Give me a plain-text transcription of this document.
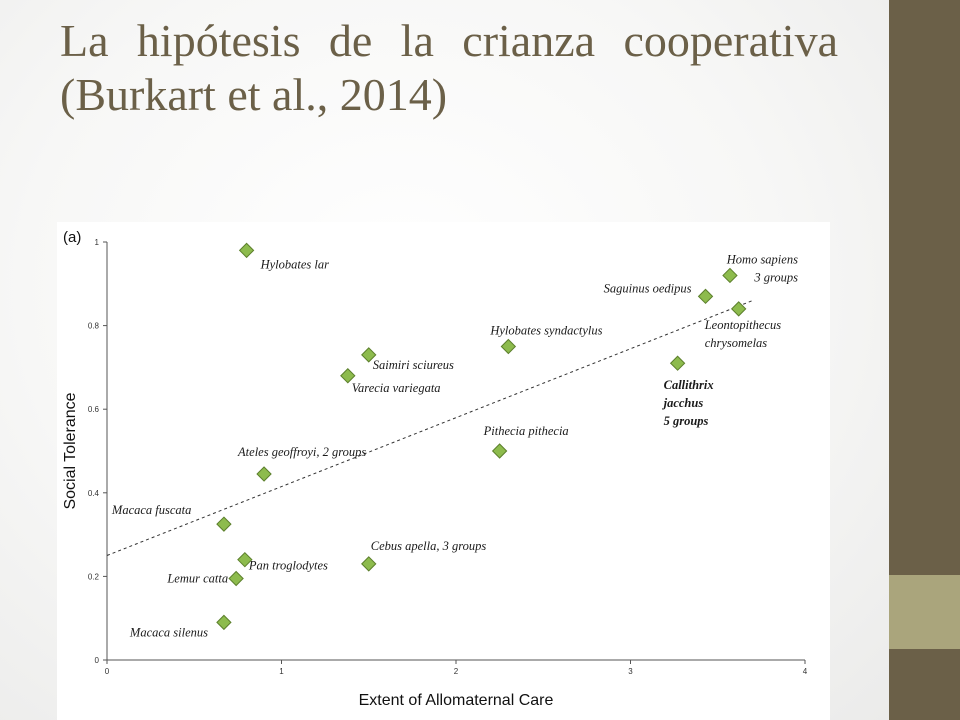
La hipótesis de la crianza cooperativa (Burkart et al., 2014)
(a)
0	1	2	3	4
0
0.2
0.4
0.6
0.8
1
Hylobates lar	Homo sapiens 3 groups
Saguinus oedipus
Leontopithecus chrysomelas
Hylobates syndactylus
Saimiri sciureus
Varecia variegata	Callithrix jacchus 5 groups
Pithecia pithecia
Ateles geoffroyi, 2 groups
Macaca fuscata
Cebus apella, 3 groups
Pan troglodytes
Lemur catta
Macaca silenus
Extent of Allomaternal Care
Social Tolerance
